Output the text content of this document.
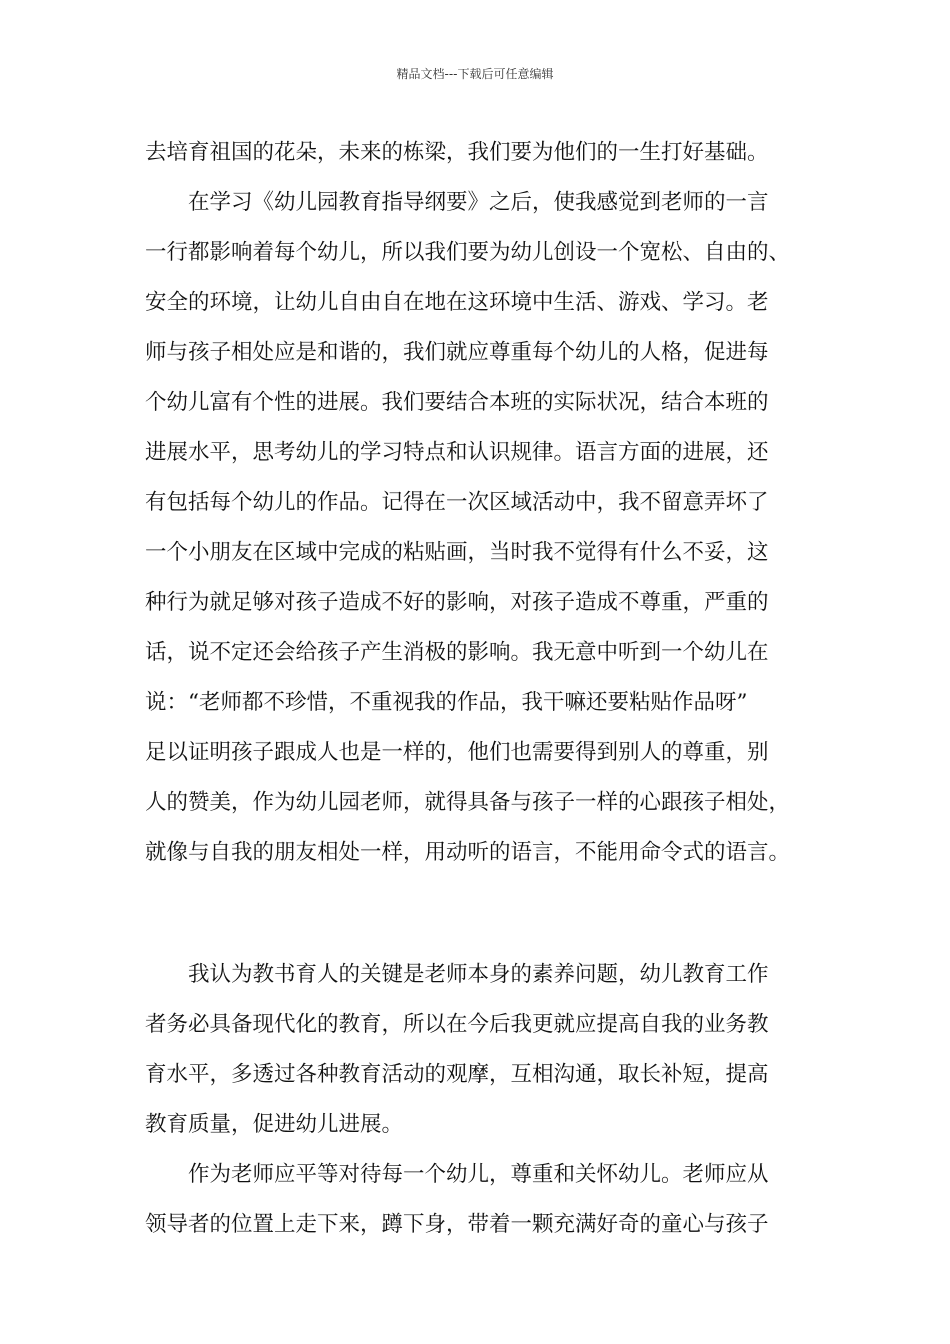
精品文档---下载后可任意编辑
去培育祖国的花朵，未来的栋梁，我们要为他们的一生打好基础。
　　在学习《幼儿园教育指导纲要》之后，使我感觉到老师的一言
一行都影响着每个幼儿，所以我们要为幼儿创设一个宽松、自由的、
安全的环境，让幼儿自由自在地在这环境中生活、游戏、学习。老
师与孩子相处应是和谐的，我们就应尊重每个幼儿的人格，促进每
个幼儿富有个性的进展。我们要结合本班的实际状况，结合本班的
进展水平，思考幼儿的学习特点和认识规律。语言方面的进展，还
有包括每个幼儿的作品。记得在一次区域活动中，我不留意弄坏了
一个小朋友在区域中完成的粘贴画，当时我不觉得有什么不妥，这
种行为就足够对孩子造成不好的影响，对孩子造成不尊重，严重的
话，说不定还会给孩子产生消极的影响。我无意中听到一个幼儿在
说：“老师都不珍惜，不重视我的作品，我干嘛还要粘贴作品呀”
足以证明孩子跟成人也是一样的，他们也需要得到别人的尊重，别
人的赞美，作为幼儿园老师，就得具备与孩子一样的心跟孩子相处，
就像与自我的朋友相处一样，用动听的语言，不能用命令式的语言。
　　我认为教书育人的关键是老师本身的素养问题，幼儿教育工作
者务必具备现代化的教育，所以在今后我更就应提高自我的业务教
育水平，多透过各种教育活动的观摩，互相沟通，取长补短，提高
教育质量，促进幼儿进展。
　　作为老师应平等对待每一个幼儿，尊重和关怀幼儿。老师应从
领导者的位置上走下来，蹲下身，带着一颗充满好奇的童心与孩子
